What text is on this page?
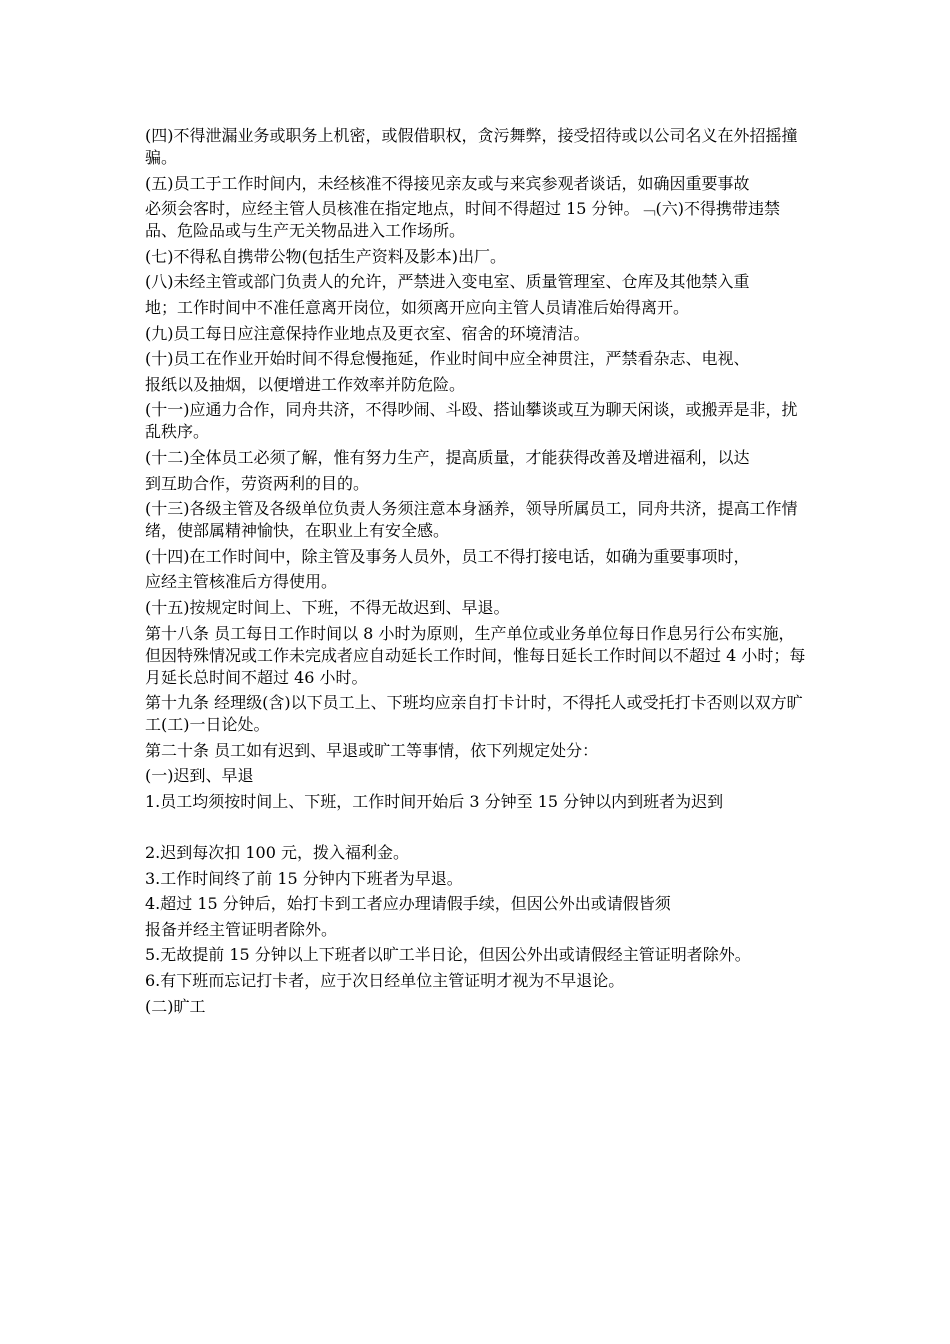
(四)不得泄漏业务或职务上机密，或假借职权，贪污舞弊，接受招待或以公司名义在外招摇撞骗。

(五)员工于工作时间内，未经核准不得接见亲友或与来宾参观者谈话，如确因重要事故

必须会客时，应经主管人员核准在指定地点，时间不得超过 15 分钟。﹁(六)不得携带违禁品、危险品或与生产无关物品进入工作场所。

(七)不得私自携带公物(包括生产资料及影本)出厂。

(八)未经主管或部门负责人的允许，严禁进入变电室、质量管理室、仓库及其他禁入重

地；工作时间中不准任意离开岗位，如须离开应向主管人员请准后始得离开。

(九)员工每日应注意保持作业地点及更衣室、宿舍的环境清洁。

(十)员工在作业开始时间不得怠慢拖延，作业时间中应全神贯注，严禁看杂志、电视、

报纸以及抽烟，以便增进工作效率并防危险。

(十一)应通力合作，同舟共济，不得吵闹、斗殴、搭讪攀谈或互为聊天闲谈，或搬弄是非，扰乱秩序。

(十二)全体员工必须了解，惟有努力生产，提高质量，才能获得改善及增进福利，以达

到互助合作，劳资两利的目的。

(十三)各级主管及各级单位负责人务须注意本身涵养，领导所属员工，同舟共济，提高工作情绪，使部属精神愉快，在职业上有安全感。

(十四)在工作时间中，除主管及事务人员外，员工不得打接电话，如确为重要事项时，

应经主管核准后方得使用。

(十五)按规定时间上、下班，不得无故迟到、早退。

第十八条 员工每日工作时间以 8 小时为原则，生产单位或业务单位每日作息另行公布实施，但因特殊情况或工作未完成者应自动延长工作时间，惟每日延长工作时间以不超过 4 小时；每月延长总时间不超过 46 小时。

第十九条 经理级(含)以下员工上、下班均应亲自打卡计时，不得托人或受托打卡否则以双方旷工(工)一日论处。

第二十条 员工如有迟到、早退或旷工等事情，依下列规定处分：

(一)迟到、早退

1.员工均须按时间上、下班，工作时间开始后 3 分钟至 15 分钟以内到班者为迟到

2.迟到每次扣 100 元，拨入福利金。

3.工作时间终了前 15 分钟内下班者为早退。

4.超过 15 分钟后，始打卡到工者应办理请假手续，但因公外出或请假皆须

报备并经主管证明者除外。

5.无故提前 15 分钟以上下班者以旷工半日论，但因公外出或请假经主管证明者除外。

6.有下班而忘记打卡者，应于次日经单位主管证明才视为不早退论。

(二)旷工
